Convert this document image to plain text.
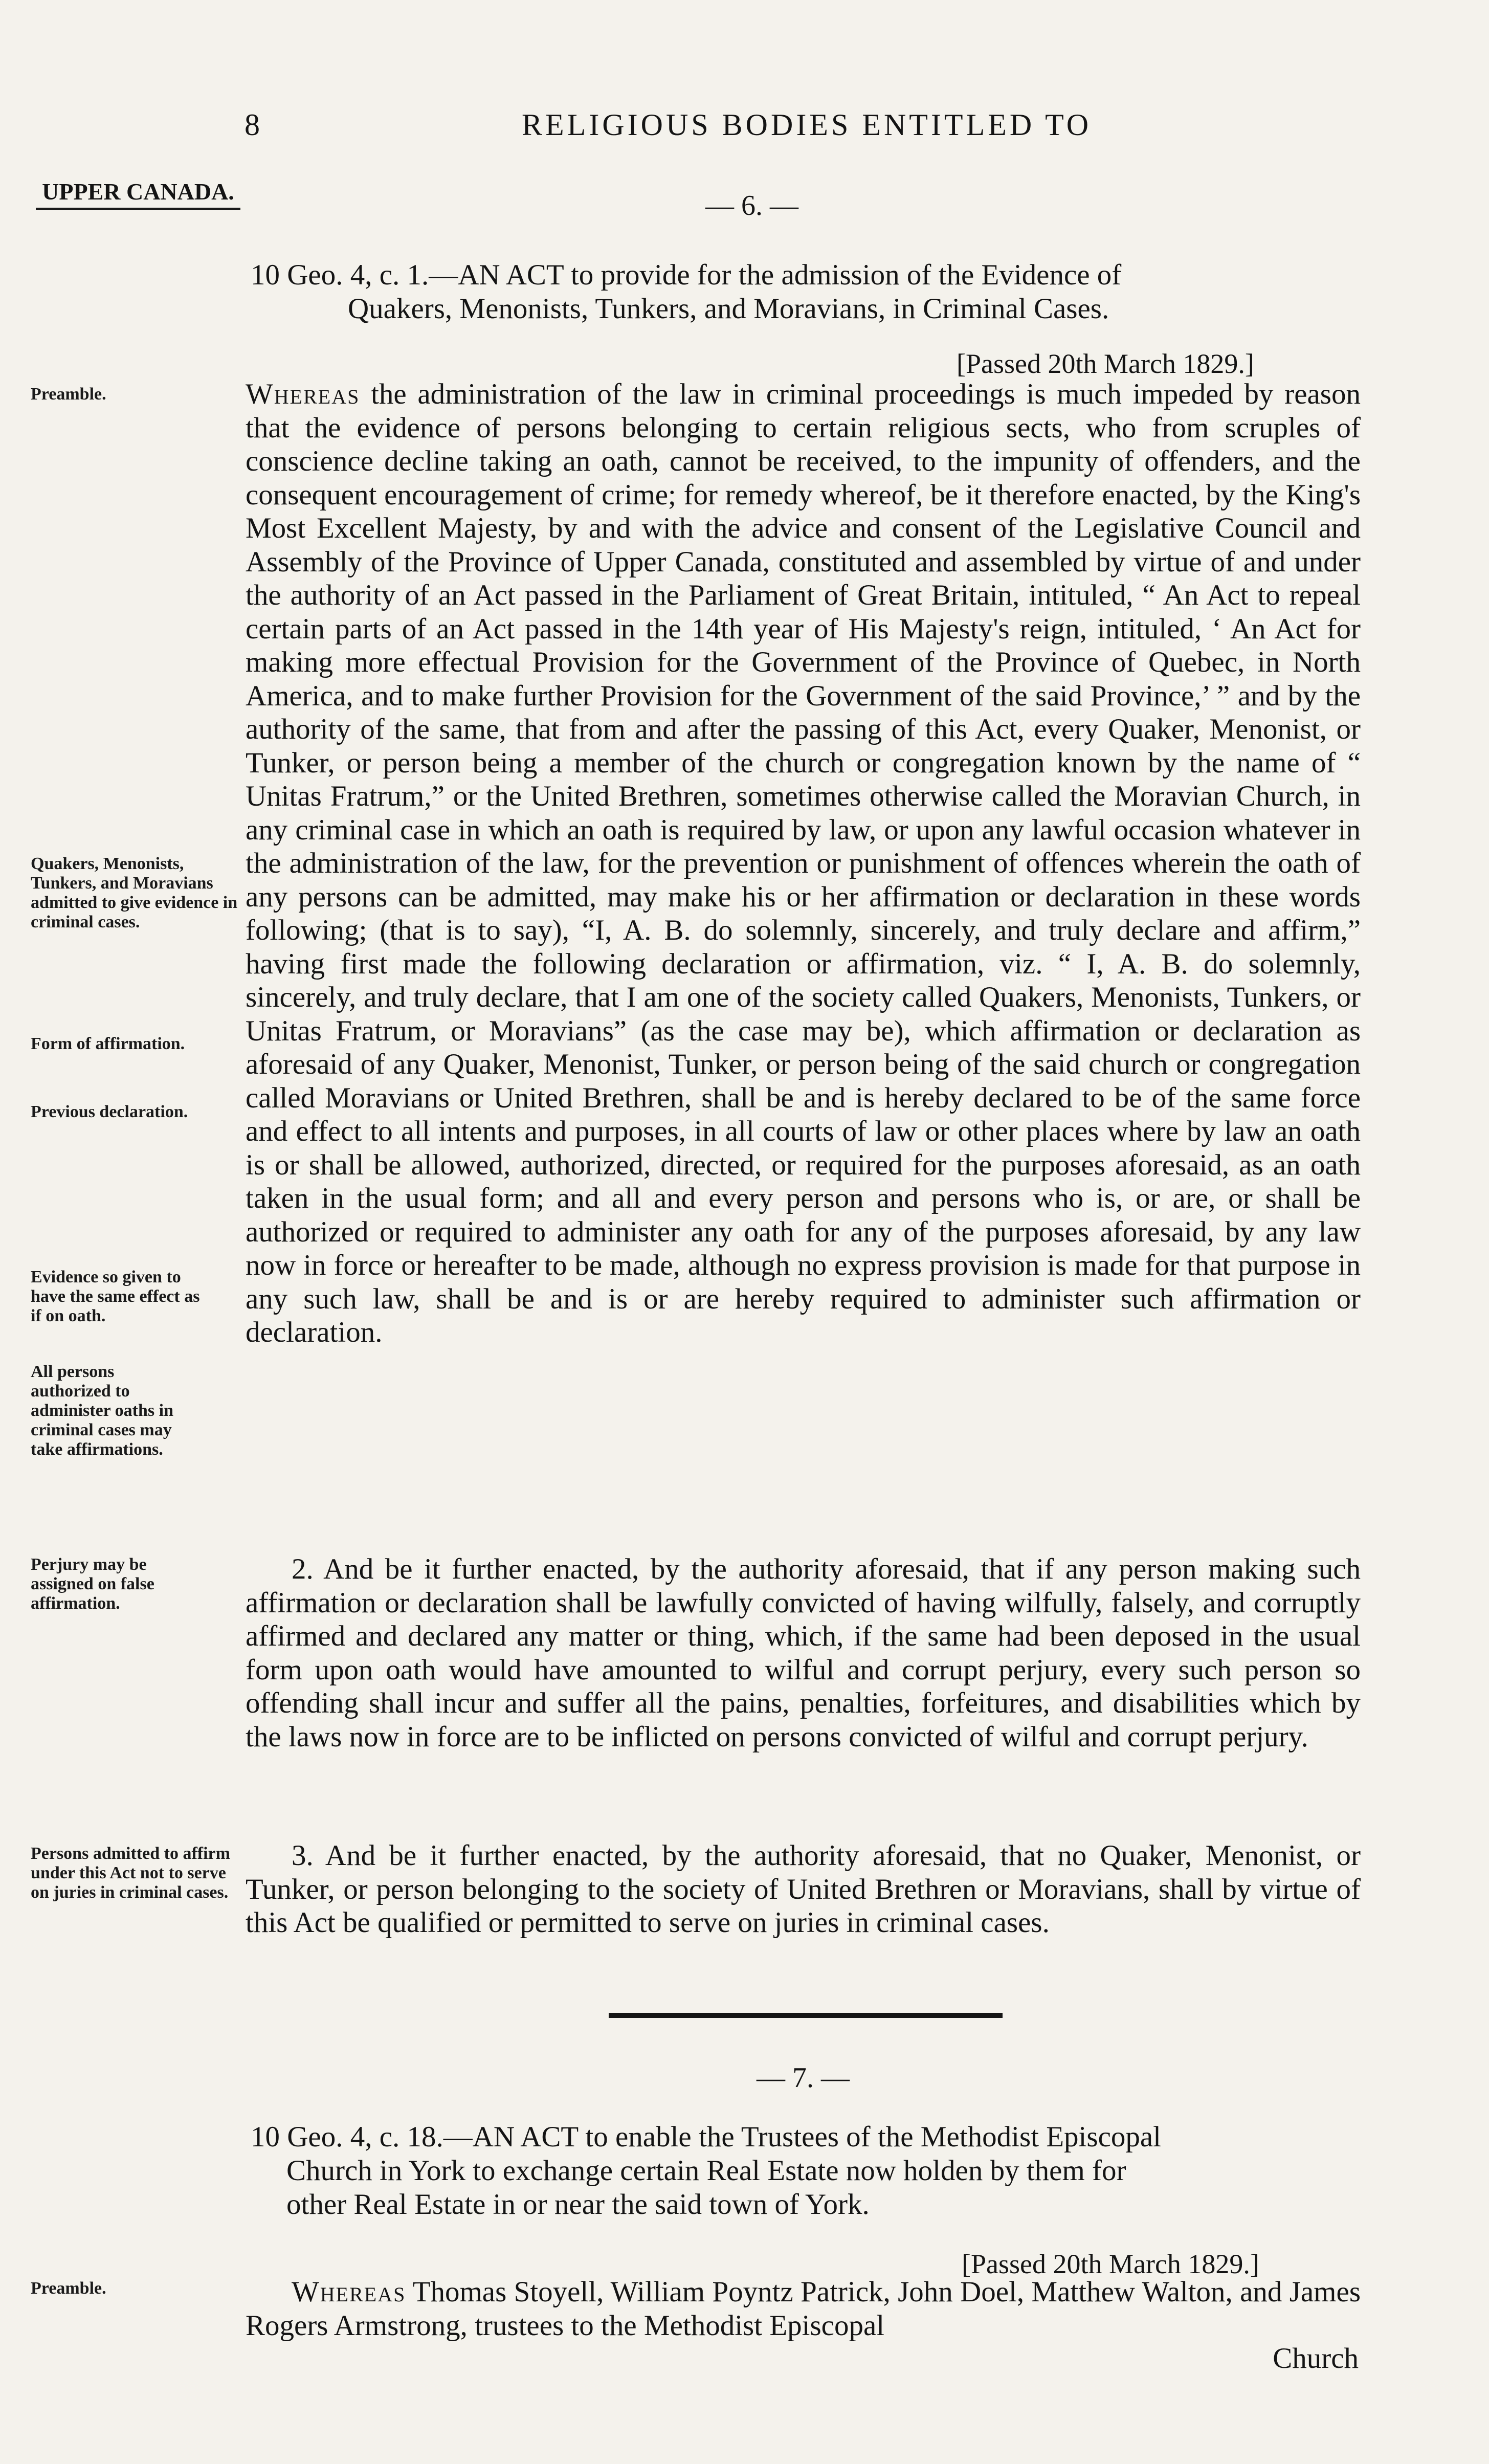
8	RELIGIOUS BODIES ENTITLED TO
UPPER CANADA.	— 6. —
10 Geo. 4, c. 1.—AN ACT to provide for the admission of the Evidence of
Quakers, Menonists, Tunkers, and Moravians, in Criminal Cases.
[Passed 20th March 1829.]

Whereas the administration of the law in criminal proceedings is much impeded by reason that the evidence of persons belonging to certain religious sects, who from scruples of conscience decline taking an oath, cannot be received, to the impunity of offenders, and the consequent encouragement of crime; for remedy whereof, be it therefore enacted, by the King's Most Excellent Majesty, by and with the advice and consent of the Legislative Council and Assembly of the Province of Upper Canada, constituted and assembled by virtue of and under the authority of an Act passed in the Parliament of Great Britain, intituled, “ An Act to repeal certain parts of an Act passed in the 14th year of His Majesty's reign, intituled, ‘ An Act for making more effectual Provision for the Government of the Province of Quebec, in North America, and to make further Provision for the Government of the said Province,’ ” and by the authority of the same, that from and after the passing of this Act, every Quaker, Menonist, or Tunker, or person being a member of the church or congregation known by the name of “ Unitas Fratrum,” or the United Brethren, sometimes otherwise called the Moravian Church, in any criminal case in which an oath is required by law, or upon any lawful occasion whatever in the administration of the law, for the prevention or punishment of offences wherein the oath of any persons can be admitted, may make his or her affirmation or declaration in these words following; (that is to say), “I, A. B. do solemnly, sincerely, and truly declare and affirm,” having first made the following declaration or affirmation, viz. “ I, A. B. do solemnly, sincerely, and truly declare, that I am one of the society called Quakers, Menonists, Tunkers, or Unitas Fratrum, or Moravians” (as the case may be), which affirmation or declaration as aforesaid of any Quaker, Menonist, Tunker, or person being of the said church or congregation called Moravians or United Brethren, shall be and is hereby declared to be of the same force and effect to all intents and purposes, in all courts of law or other places where by law an oath is or shall be allowed, authorized, directed, or required for the purposes aforesaid, as an oath taken in the usual form; and all and every person and persons who is, or are, or shall be authorized or required to administer any oath for any of the purposes aforesaid, by any law now in force or hereafter to be made, although no express provision is made for that purpose in any such law, shall be and is or are hereby required to administer such affirmation or declaration.

2. And be it further enacted, by the authority aforesaid, that if any person making such affirmation or declaration shall be lawfully convicted of having wilfully, falsely, and corruptly affirmed and declared any matter or thing, which, if the same had been deposed in the usual form upon oath would have amounted to wilful and corrupt perjury, every such person so offending shall incur and suffer all the pains, penalties, forfeitures, and disabilities which by the laws now in force are to be inflicted on persons convicted of wilful and corrupt perjury.

3. And be it further enacted, by the authority aforesaid, that no Quaker, Menonist, or Tunker, or person belonging to the society of United Brethren or Moravians, shall by virtue of this Act be qualified or permitted to serve on juries in criminal cases.

Preamble.
Quakers, Menonists, Tunkers, and Moravians admitted to give evidence in criminal cases.
Form of affirmation.
Previous declaration.
Evidence so given to have the same effect as if on oath.
All persons authorized to administer oaths in criminal cases may take affirmations.
Perjury may be assigned on false affirmation.
Persons admitted to affirm under this Act not to serve on juries in criminal cases.
— 7. —
10 Geo. 4, c. 18.—AN ACT to enable the Trustees of the Methodist Episcopal
Church in York to exchange certain Real Estate now holden by them for
other Real Estate in or near the said town of York.
[Passed 20th March 1829.]
Preamble.	Whereas Thomas Stoyell, William Poyntz Patrick, John Doel, Matthew Walton, and James Rogers Armstrong, trustees to the Methodist Episcopal

Church
